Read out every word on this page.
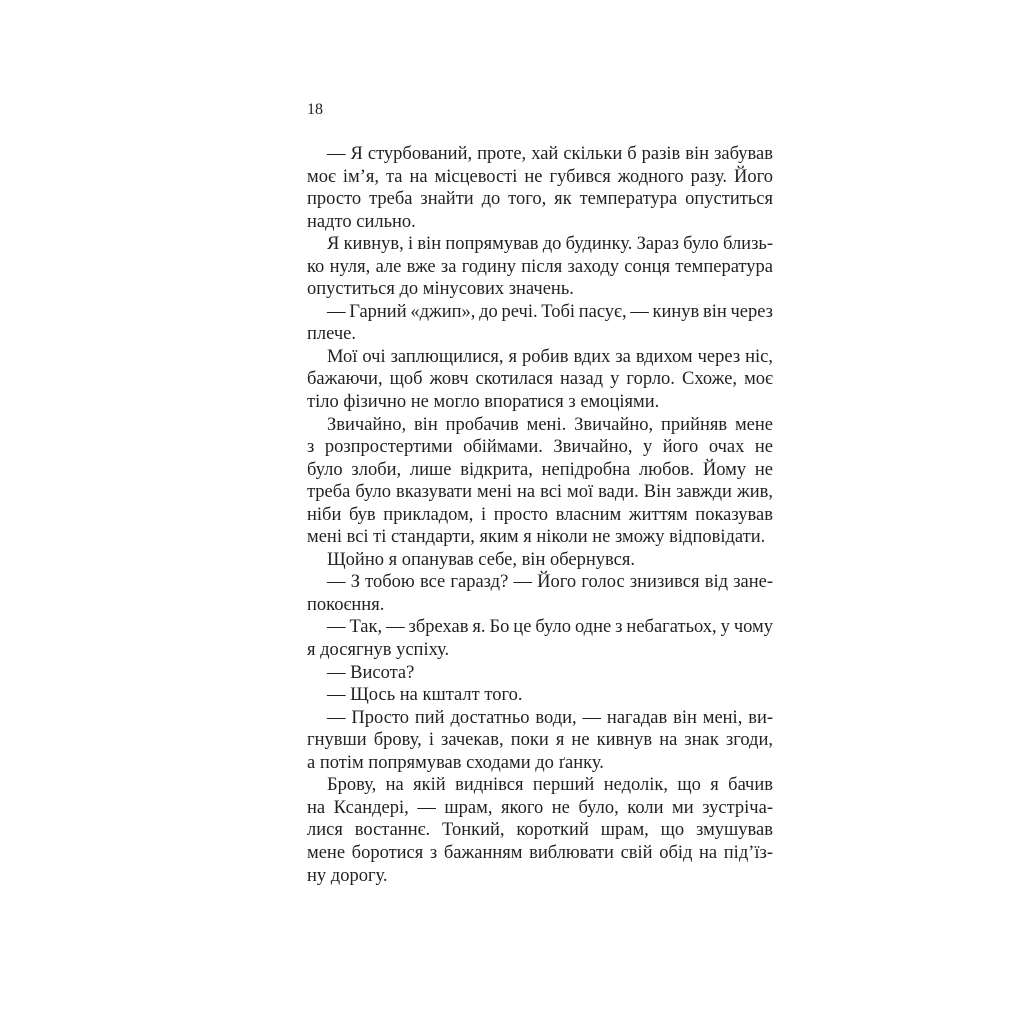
18
— Я стурбований, проте, хай скільки б разів він забував
моє ім’я, та на місцевості не губився жодного разу. Його
просто треба знайти до того, як температура опуститься
надто сильно.
Я кивнув, і він попрямував до будинку. Зараз було близь-
ко нуля, але вже за годину після заходу сонця температура
опуститься до мінусових значень.
— Гарний «джип», до речі. Тобі пасує, — кинув він через
плече.
Мої очі заплющилися, я робив вдих за вдихом через ніс,
бажаючи, щоб жовч скотилася назад у горло. Схоже, моє
тіло фізично не могло впоратися з емоціями.
Звичайно, він пробачив мені. Звичайно, прийняв мене
з розпростертими обіймами. Звичайно, у його очах не
було злоби, лише відкрита, непідробна любов. Йому не
треба було вказувати мені на всі мої вади. Він завжди жив,
ніби був прикладом, і просто власним життям показував
мені всі ті стандарти, яким я ніколи не зможу відповідати.
Щойно я опанував себе, він обернувся.
— З тобою все гаразд? — Його голос знизився від зане-
покоєння.
— Так, — збрехав я. Бо це було одне з небагатьох, у чому
я досягнув успіху.
— Висота?
— Щось на кшталт того.
— Просто пий достатньо води, — нагадав він мені, ви-
гнувши брову, і зачекав, поки я не кивнув на знак згоди,
а потім попрямував сходами до ґанку.
Брову, на якій виднівся перший недолік, що я бачив
на Ксандері, — шрам, якого не було, коли ми зустріча-
лися востаннє. Тонкий, короткий шрам, що змушував
мене боротися з бажанням виблювати свій обід на під’їз-
ну дорогу.
